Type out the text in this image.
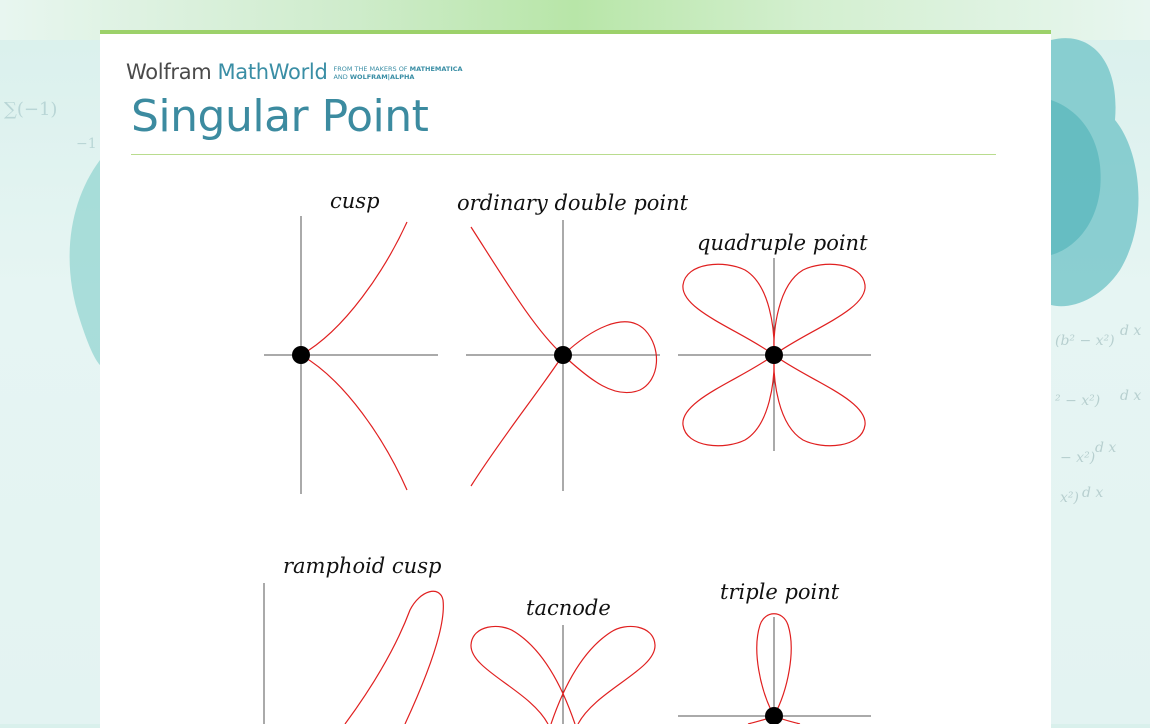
∑(−1)
−1
(b² − x²)
d x
² − x²) d x
− x²)
d x
x²) d x
Wolfram MathWorld FROM THE MAKERS OF MATHEMATICA
AND WOLFRAM|ALPHA
Singular Point
cusp	ordinary double point
quadruple point
ramphoid cusp
tacnode
triple point
